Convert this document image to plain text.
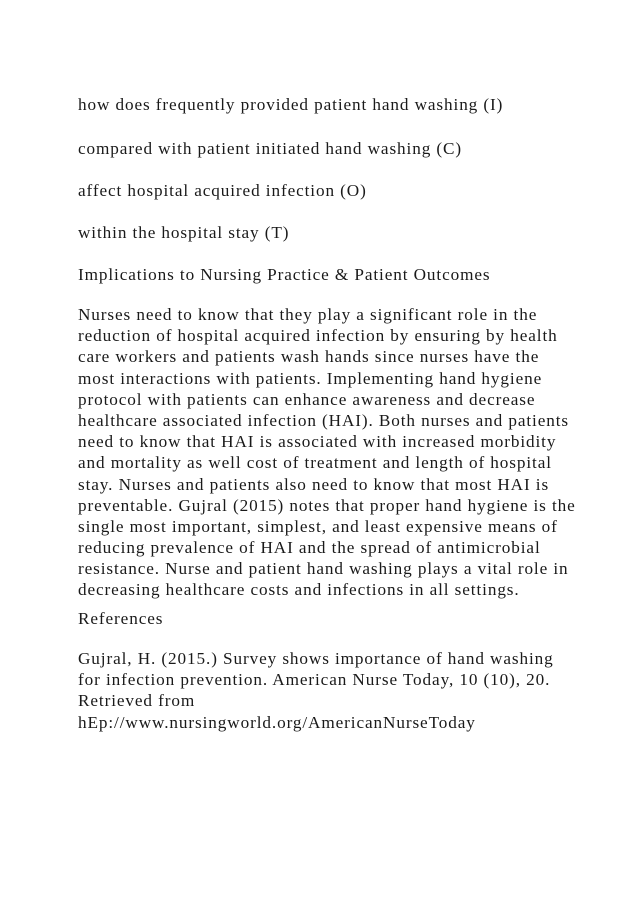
how does frequently provided patient hand washing (I)
compared with patient initiated hand washing (C)
affect hospital acquired infection (O)
within the hospital stay (T)
Implications to Nursing Practice & Patient Outcomes
Nurses need to know that they play a significant role in the
reduction of hospital acquired infection by ensuring by health
care workers and patients wash hands since nurses have the
most interactions with patients. Implementing hand hygiene
protocol with patients can enhance awareness and decrease
healthcare associated infection (HAI). Both nurses and patients
need to know that HAI is associated with increased morbidity
and mortality as well cost of treatment and length of hospital
stay. Nurses and patients also need to know that most HAI is
preventable. Gujral (2015) notes that proper hand hygiene is the
single most important, simplest, and least expensive means of
reducing prevalence of HAI and the spread of antimicrobial
resistance. Nurse and patient hand washing plays a vital role in
decreasing healthcare costs and infections in all settings.
References
Gujral, H. (2015.) Survey shows importance of hand washing
for infection prevention. American Nurse Today, 10 (10), 20.
Retrieved from
hEp://www.nursingworld.org/AmericanNurseToday
